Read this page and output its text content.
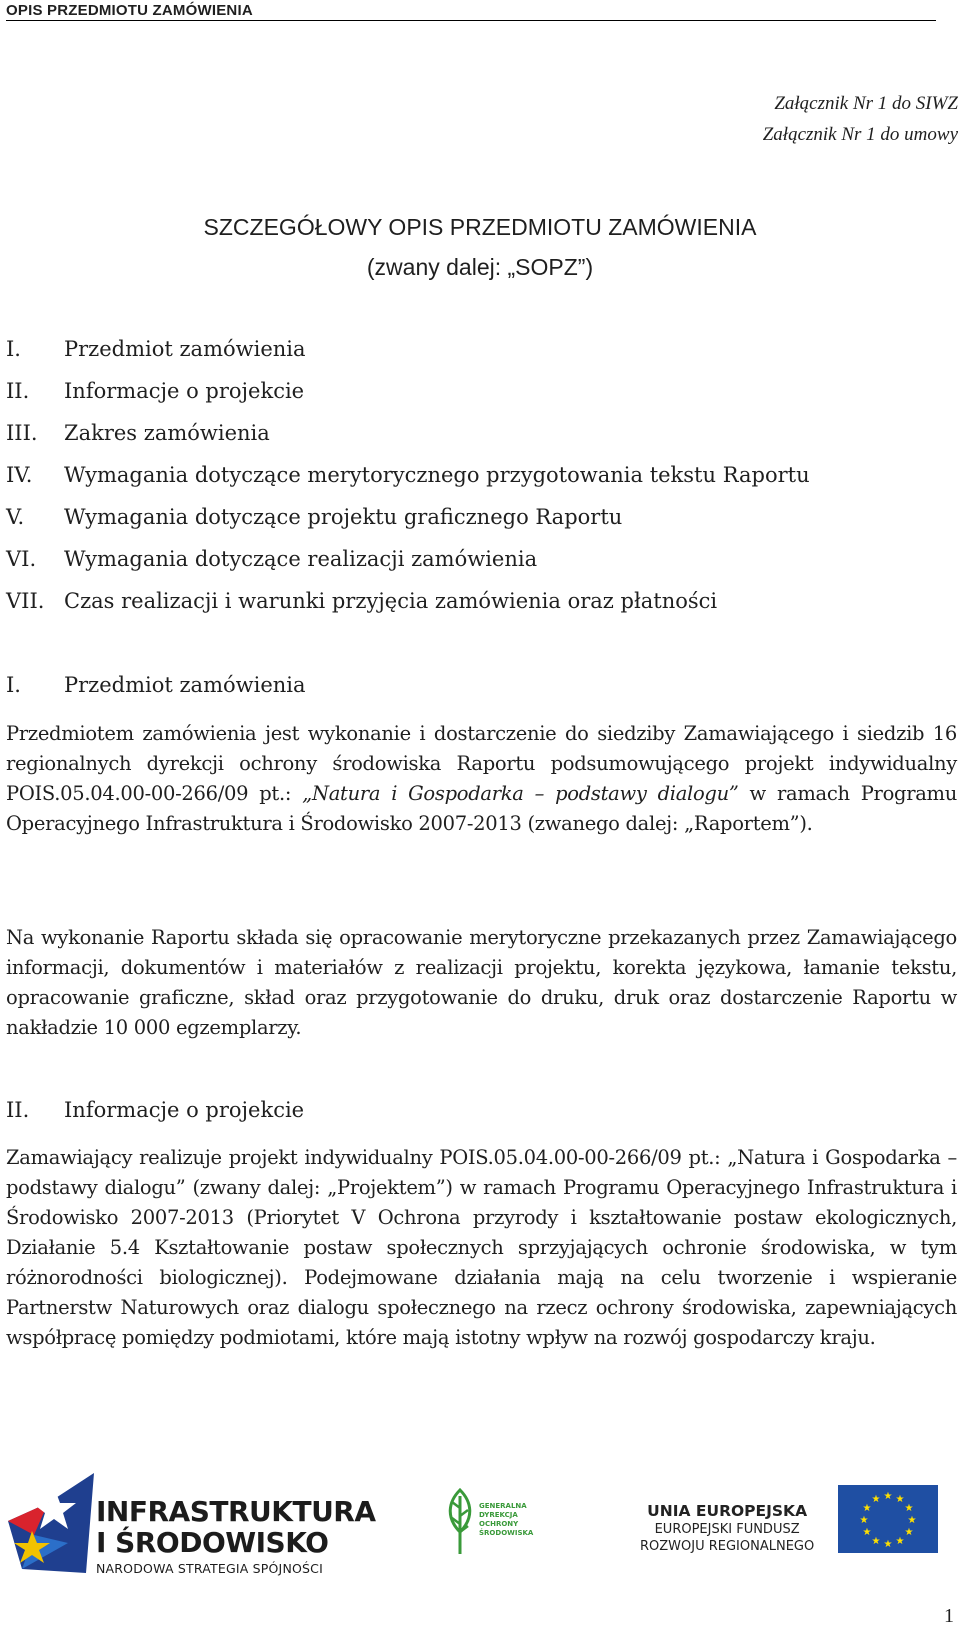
OPIS PRZEDMIOTU ZAMÓWIENIA
Załącznik Nr 1 do SIWZ
Załącznik Nr 1 do umowy
SZCZEGÓŁOWY OPIS PRZEDMIOTU ZAMÓWIENIA
(zwany dalej: „SOPZ”)
I.	Przedmiot zamówienia
II.	Informacje o projekcie
III.	Zakres zamówienia
IV.	Wymagania dotyczące merytorycznego przygotowania tekstu Raportu
V.	Wymagania dotyczące projektu graficznego Raportu
VI.	Wymagania dotyczące realizacji zamówienia
VII. Czas realizacji i warunki przyjęcia zamówienia oraz płatności
I.	Przedmiot zamówienia
Przedmiotem zamówienia jest wykonanie i dostarczenie do siedziby Zamawiającego i siedzib 16 regionalnych dyrekcji ochrony środowiska Raportu podsumowującego projekt indywidualny POIS.05.04.00-00-266/09 pt.: „Natura i Gospodarka – podstawy dialogu” w ramach Programu Operacyjnego Infrastruktura i Środowisko 2007-2013 (zwanego dalej: „Raportem”).
Na wykonanie Raportu składa się opracowanie merytoryczne przekazanych przez Zamawiającego informacji, dokumentów i materiałów z realizacji projektu, korekta językowa, łamanie tekstu, opracowanie graficzne, skład oraz przygotowanie do druku, druk oraz dostarczenie Raportu w nakładzie 10 000 egzemplarzy.
II.	Informacje o projekcie
Zamawiający realizuje projekt indywidualny POIS.05.04.00-00-266/09 pt.: „Natura i Gospodarka – podstawy dialogu” (zwany dalej: „Projektem”) w ramach Programu Operacyjnego Infrastruktura i Środowisko 2007-2013 (Priorytet V Ochrona przyrody i kształtowanie postaw ekologicznych, Działanie 5.4 Kształtowanie postaw społecznych sprzyjających ochronie środowiska, w tym różnorodności biologicznej). Podejmowane działania mają na celu tworzenie i wspieranie Partnerstw Naturowych oraz dialogu społecznego na rzecz ochrony środowiska, zapewniających współpracę pomiędzy podmiotami, które mają istotny wpływ na rozwój gospodarczy kraju.
INFRASTRUKTURA
I ŚRODOWISKO
NARODOWA STRATEGIA SPÓJNOŚCI
GENERALNA
DYREKCJA
OCHRONY
ŚRODOWISKA
UNIA EUROPEJSKA
EUROPEJSKI FUNDUSZ
ROZWOJU REGIONALNEGO
★ ★
★
★
★
★
★
★
★
★
★
★
1
